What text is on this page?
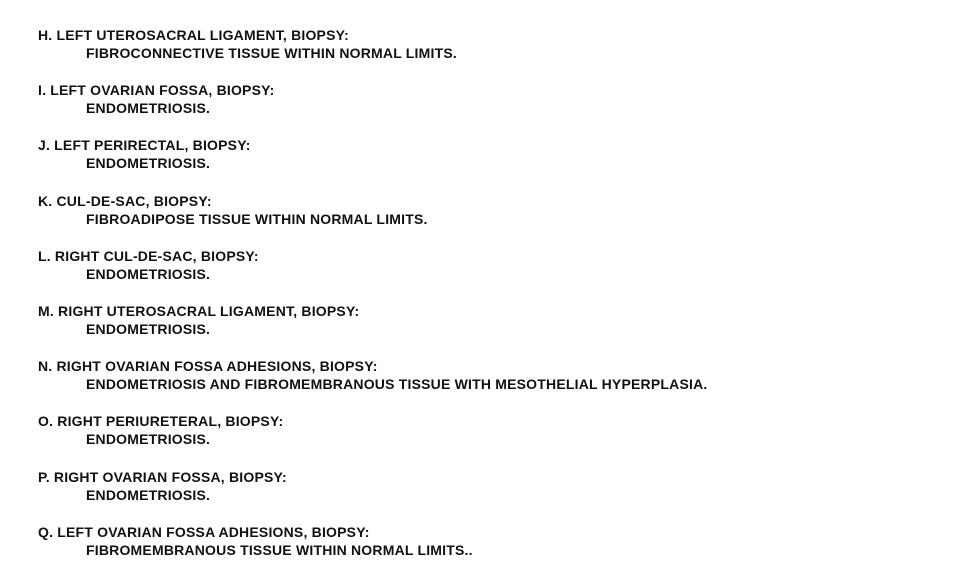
H. LEFT UTEROSACRAL LIGAMENT, BIOPSY:
FIBROCONNECTIVE TISSUE WITHIN NORMAL LIMITS.
I. LEFT OVARIAN FOSSA, BIOPSY:
ENDOMETRIOSIS.
J. LEFT PERIRECTAL, BIOPSY:
ENDOMETRIOSIS.
K. CUL-DE-SAC, BIOPSY:
FIBROADIPOSE TISSUE WITHIN NORMAL LIMITS.
L. RIGHT CUL-DE-SAC, BIOPSY:
ENDOMETRIOSIS.
M. RIGHT UTEROSACRAL LIGAMENT, BIOPSY:
ENDOMETRIOSIS.
N. RIGHT OVARIAN FOSSA ADHESIONS, BIOPSY:
ENDOMETRIOSIS AND FIBROMEMBRANOUS TISSUE WITH MESOTHELIAL HYPERPLASIA.
O. RIGHT PERIURETERAL, BIOPSY:
ENDOMETRIOSIS.
P. RIGHT OVARIAN FOSSA, BIOPSY:
ENDOMETRIOSIS.
Q. LEFT OVARIAN FOSSA ADHESIONS, BIOPSY:
FIBROMEMBRANOUS TISSUE WITHIN NORMAL LIMITS..
